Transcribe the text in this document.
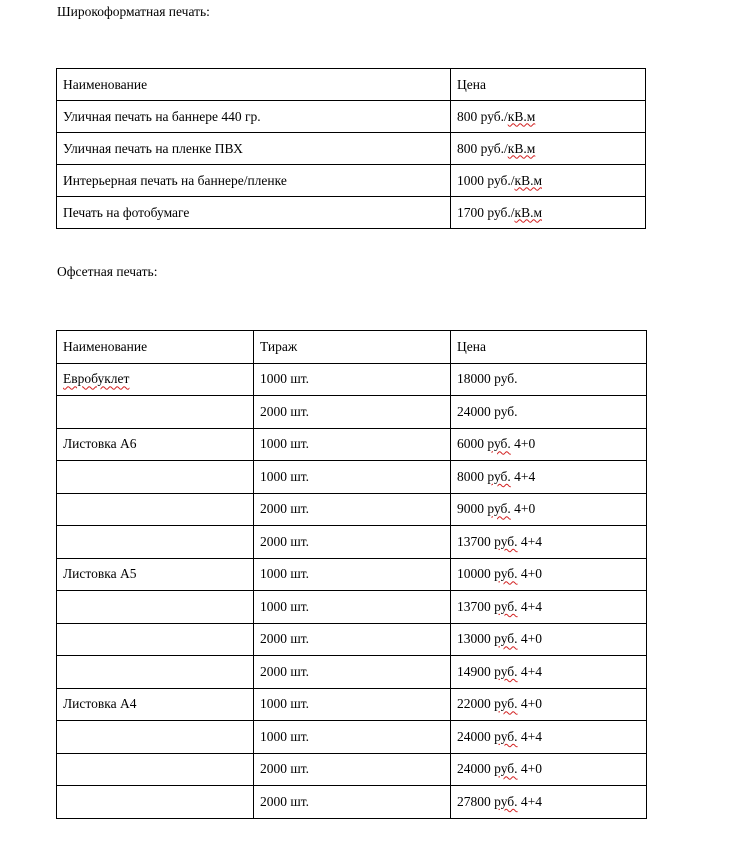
Широкоформатная печать:
Наименование	Цена
Уличная печать на баннере 440 гр.	800 руб./кВ.м
Уличная печать на пленке ПВХ	800 руб./кВ.м
Интерьерная печать на баннере/пленке	1000 руб./кВ.м
Печать на фотобумаге	1700 руб./кВ.м
Офсетная печать:
Наименование	Тираж	Цена
Евробуклет	1000 шт.	18000 руб.
	2000 шт.	24000 руб.
Листовка А6	1000 шт.	6000 руб. 4+0
	1000 шт.	8000 руб. 4+4
	2000 шт.	9000 руб. 4+0
	2000 шт.	13700 руб. 4+4
Листовка А5	1000 шт.	10000 руб. 4+0
	1000 шт.	13700 руб. 4+4
	2000 шт.	13000 руб. 4+0
	2000 шт.	14900 руб. 4+4
Листовка А4	1000 шт.	22000 руб. 4+0
	1000 шт.	24000 руб. 4+4
	2000 шт.	24000 руб. 4+0
	2000 шт.	27800 руб. 4+4
